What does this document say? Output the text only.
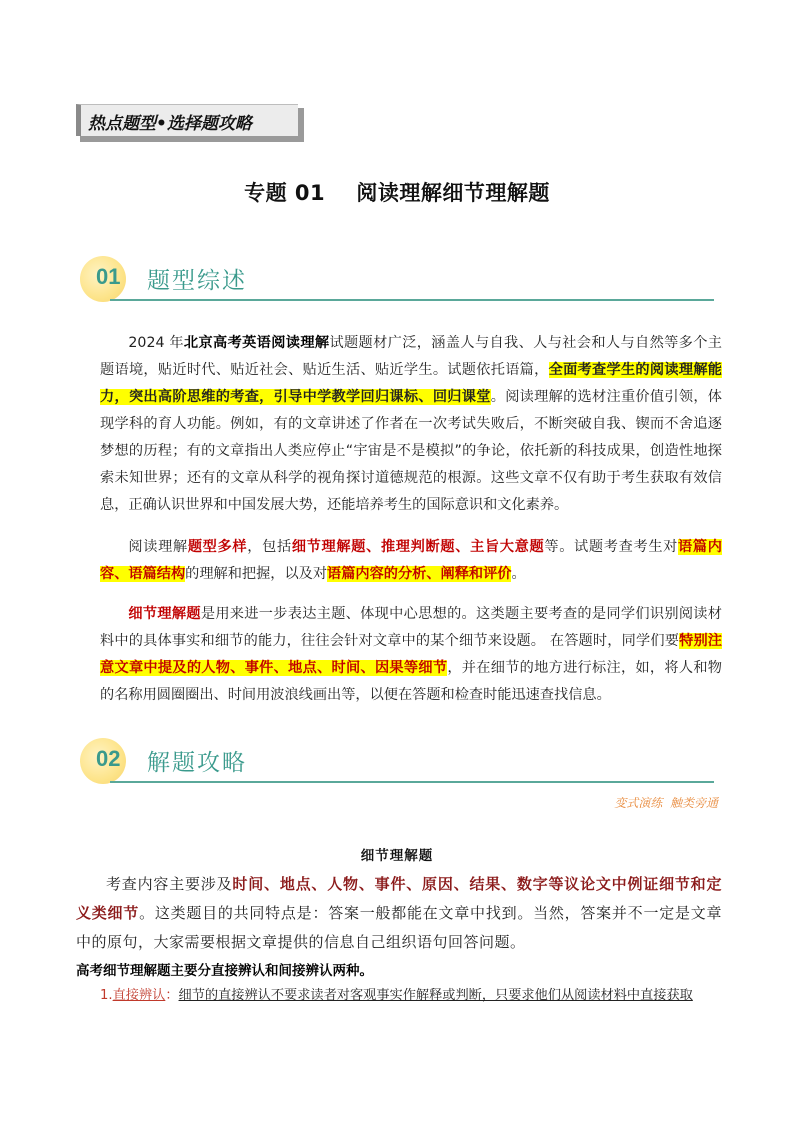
热点题型•选择题攻略
专题 01    阅读理解细节理解题
01 题型综述

2024 年北京高考英语阅读理解试题题材广泛，涵盖人与自我、人与社会和人与自然等多个主题语境，贴近时代、贴近社会、贴近生活、贴近学生。试题依托语篇，全面考查学生的阅读理解能力，突出高阶思维的考查，引导中学教学回归课标、回归课堂。阅读理解的选材注重价值引领，体现学科的育人功能。例如，有的文章讲述了作者在一次考试失败后，不断突破自我、锲而不舍追逐梦想的历程；有的文章指出人类应停止“宇宙是不是模拟”的争论，依托新的科技成果，创造性地探索未知世界；还有的文章从科学的视角探讨道德规范的根源。这些文章不仅有助于考生获取有效信息，正确认识世界和中国发展大势，还能培养考生的国际意识和文化素养。

阅读理解题型多样，包括细节理解题、推理判断题、主旨大意题等。试题考查考生对语篇内容、语篇结构的理解和把握，以及对语篇内容的分析、阐释和评价。

细节理解题是用来进一步表达主题、体现中心思想的。这类题主要考查的是同学们识别阅读材料中的具体事实和细节的能力，往往会针对文章中的某个细节来设题。 在答题时，同学们要特别注意文章中提及的人物、事件、地点、时间、因果等细节，并在细节的地方进行标注，如，将人和物的名称用圆圈圈出、时间用波浪线画出等，以便在答题和检查时能迅速查找信息。

02 解题攻略
变式演练  触类旁通
细节理解题

考查内容主要涉及时间、地点、人物、事件、原因、结果、数字等议论文中例证细节和定义类细节。这类题目的共同特点是：答案一般都能在文章中找到。当然，答案并不一定是文章中的原句，大家需要根据文章提供的信息自己组织语句回答问题。

高考细节理解题主要分直接辨认和间接辨认两种。
1.直接辨认：细节的直接辨认不要求读者对客观事实作解释或判断，只要求他们从阅读材料中直接获取
